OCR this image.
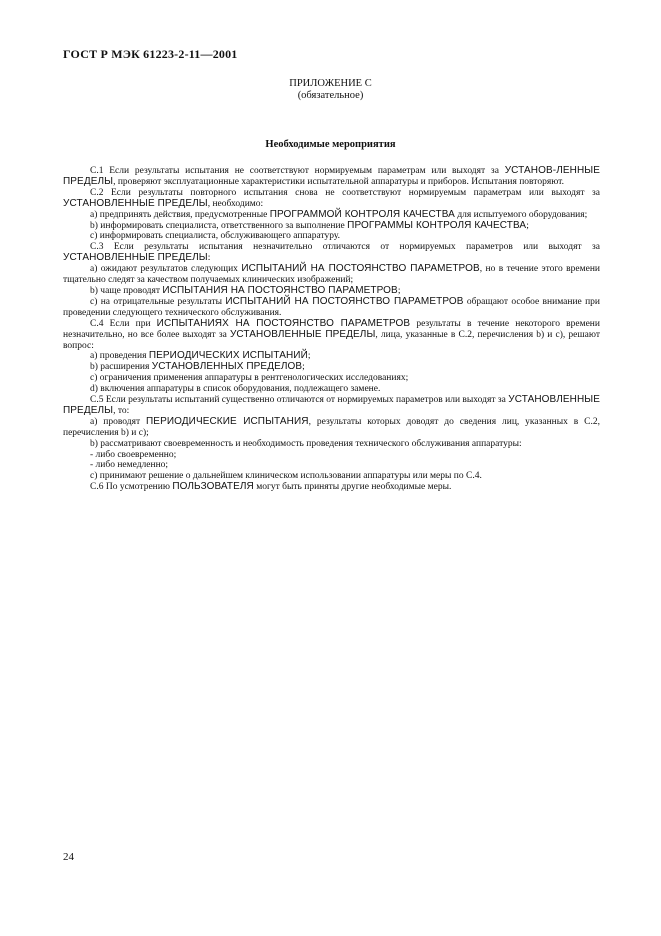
ГОСТ Р МЭК 61223-2-11—2001
ПРИЛОЖЕНИЕ С
(обязательное)
Необходимые мероприятия

C.1 Если результаты испытания не соответствуют нормируемым параметрам или выходят за УСТАНОВ-ЛЕННЫЕ ПРЕДЕЛЫ, проверяют эксплуатационные характеристики испытательной аппаратуры и приборов. Испытания повторяют.

C.2 Если результаты повторного испытания снова не соответствуют нормируемым параметрам или выходят за УСТАНОВЛЕННЫЕ ПРЕДЕЛЫ, необходимо:

a) предпринять действия, предусмотренные ПРОГРАММОЙ КОНТРОЛЯ КАЧЕСТВА для испытуемого оборудования;

b) информировать специалиста, ответственного за выполнение ПРОГРАММЫ КОНТРОЛЯ КАЧЕСТВА;

c) информировать специалиста, обслуживающего аппаратуру.

C.3 Если результаты испытания незначительно отличаются от нормируемых параметров или выходят за УСТАНОВЛЕННЫЕ ПРЕДЕЛЫ:

a) ожидают результатов следующих ИСПЫТАНИЙ НА ПОСТОЯНСТВО ПАРАМЕТРОВ, но в течение этого времени тщательно следят за качеством получаемых клинических изображений;

b) чаще проводят ИСПЫТАНИЯ НА ПОСТОЯНСТВО ПАРАМЕТРОВ;

c) на отрицательные результаты ИСПЫТАНИЙ НА ПОСТОЯНСТВО ПАРАМЕТРОВ обращают особое внимание при проведении следующего технического обслуживания.

C.4 Если при ИСПЫТАНИЯХ НА ПОСТОЯНСТВО ПАРАМЕТРОВ результаты в течение некоторого времени незначительно, но все более выходят за УСТАНОВЛЕННЫЕ ПРЕДЕЛЫ, лица, указанные в С.2, перечисления b) и c), решают вопрос:

a) проведения ПЕРИОДИЧЕСКИХ ИСПЫТАНИЙ;

b) расширения УСТАНОВЛЕННЫХ ПРЕДЕЛОВ;

c) ограничения применения аппаратуры в рентгенологических исследованиях;

d) включения аппаратуры в список оборудования, подлежащего замене.

C.5 Если результаты испытаний существенно отличаются от нормируемых параметров или выходят за УСТАНОВЛЕННЫЕ ПРЕДЕЛЫ, то:

a) проводят ПЕРИОДИЧЕСКИЕ ИСПЫТАНИЯ, результаты которых доводят до сведения лиц, указанных в С.2, перечисления b) и c);

b) рассматривают своевременность и необходимость проведения технического обслуживания аппаратуры:

- либо своевременно;

- либо немедленно;

c) принимают решение о дальнейшем клиническом использовании аппаратуры или меры по С.4.

C.6 По усмотрению ПОЛЬЗОВАТЕЛЯ могут быть приняты другие необходимые меры.

24
